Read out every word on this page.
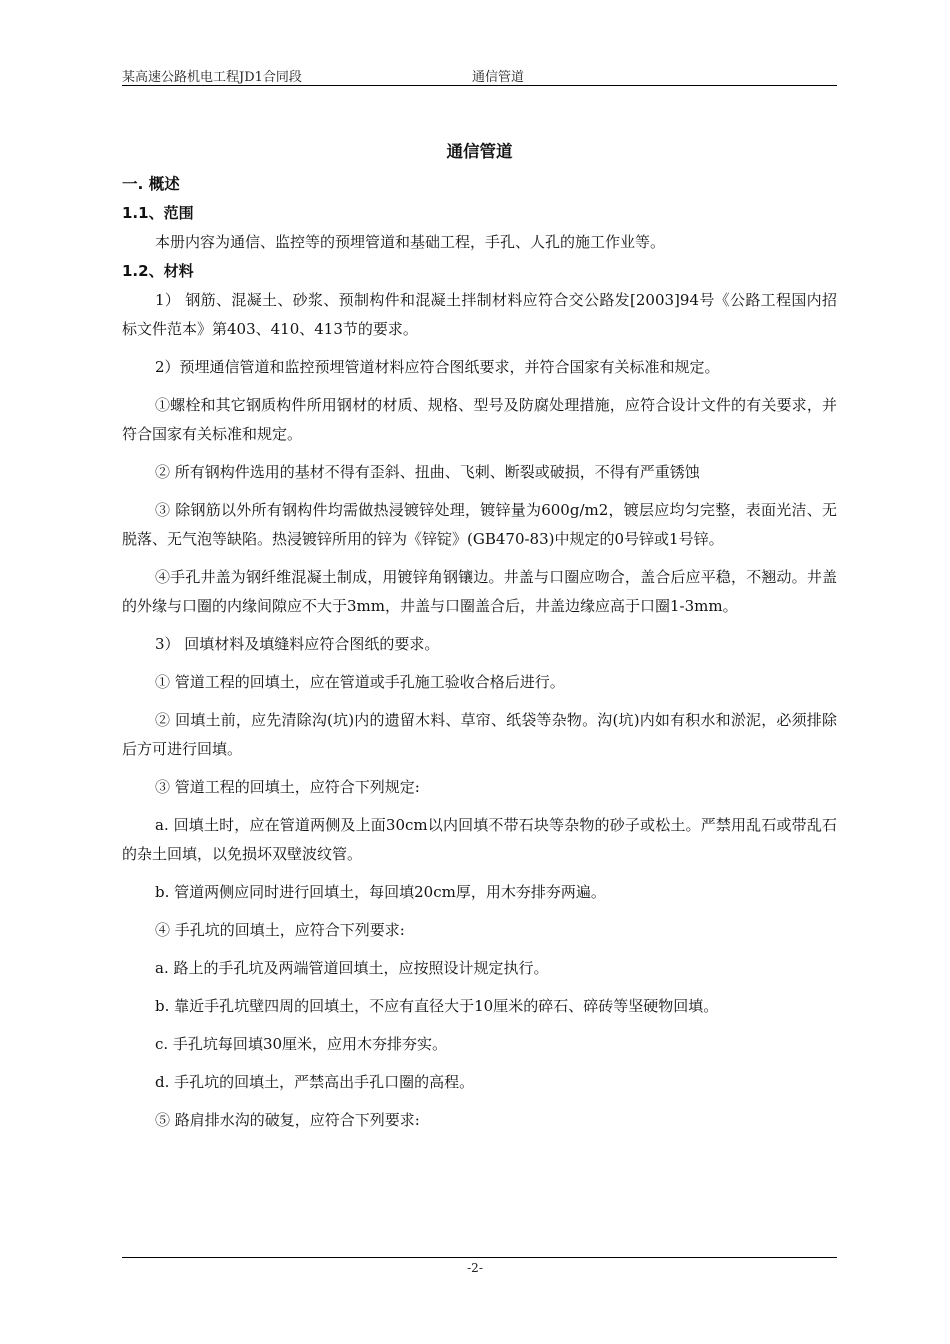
某高速公路机电工程JD1合同段	通信管道
通信管道
一. 概述
1.1、范围

本册内容为通信、监控等的预埋管道和基础工程，手孔、人孔的施工作业等。

1.2、材料

1） 钢筋、混凝土、砂浆、预制构件和混凝土拌制材料应符合交公路发[2003]94号《公路工程国内招标文件范本》第403、410、413节的要求。

2）预埋通信管道和监控预埋管道材料应符合图纸要求，并符合国家有关标准和规定。

①螺栓和其它钢质构件所用钢材的材质、规格、型号及防腐处理措施，应符合设计文件的有关要求，并符合国家有关标准和规定。

② 所有钢构件选用的基材不得有歪斜、扭曲、飞刺、断裂或破损，不得有严重锈蚀

③ 除钢筋以外所有钢构件均需做热浸镀锌处理，镀锌量为600g/m2，镀层应均匀完整，表面光洁、无脱落、无气泡等缺陷。热浸镀锌所用的锌为《锌锭》(GB470-83)中规定的0号锌或1号锌。

④手孔井盖为钢纤维混凝土制成，用镀锌角钢镶边。井盖与口圈应吻合，盖合后应平稳，不翘动。井盖的外缘与口圈的内缘间隙应不大于3mm，井盖与口圈盖合后，井盖边缘应高于口圈1-3mm。

3） 回填材料及填缝料应符合图纸的要求。

① 管道工程的回填土，应在管道或手孔施工验收合格后进行。

② 回填土前，应先清除沟(坑)内的遗留木料、草帘、纸袋等杂物。沟(坑)内如有积水和淤泥，必须排除后方可进行回填。

③ 管道工程的回填土，应符合下列规定:

a. 回填土时，应在管道两侧及上面30cm以内回填不带石块等杂物的砂子或松土。严禁用乱石或带乱石的杂土回填，以免损坏双壁波纹管。

b. 管道两侧应同时进行回填土，每回填20cm厚，用木夯排夯两遍。

④ 手孔坑的回填土，应符合下列要求:

a. 路上的手孔坑及两端管道回填土，应按照设计规定执行。

b. 靠近手孔坑壁四周的回填土，不应有直径大于10厘米的碎石、碎砖等坚硬物回填。

c. 手孔坑每回填30厘米，应用木夯排夯实。

d. 手孔坑的回填土，严禁高出手孔口圈的高程。

⑤ 路肩排水沟的破复，应符合下列要求:

-2-
